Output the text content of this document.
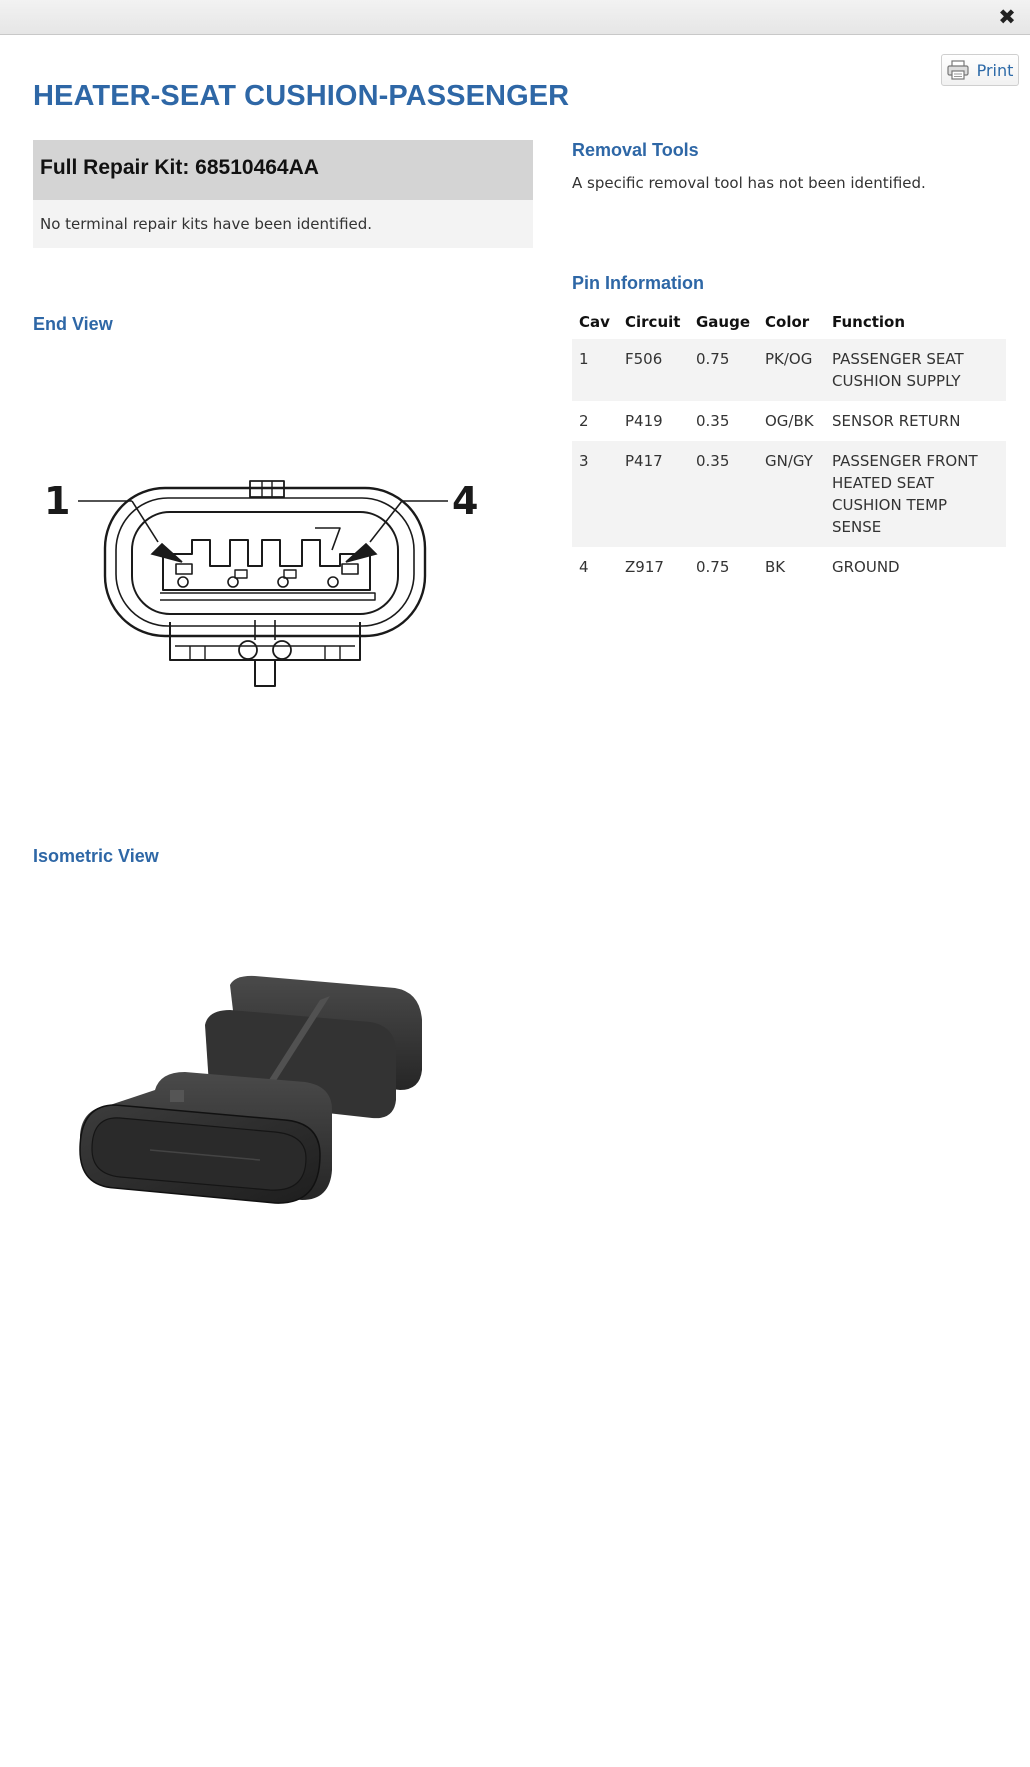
✖
Print
HEATER-SEAT CUSHION-PASSENGER
Full Repair Kit: 68510464AA
No terminal repair kits have been identified.
Removal Tools
A specific removal tool has not been identified.
Pin Information
Cav	Circuit	Gauge	Color	Function
1	F506	0.75	PK/OG	PASSENGER SEAT CUSHION SUPPLY
2	P419	0.35	OG/BK	SENSOR RETURN
3	P417	0.35	GN/GY	PASSENGER FRONT HEATED SEAT CUSHION TEMP SENSE
4	Z917	0.75	BK	GROUND
End View
1	4
Isometric View
